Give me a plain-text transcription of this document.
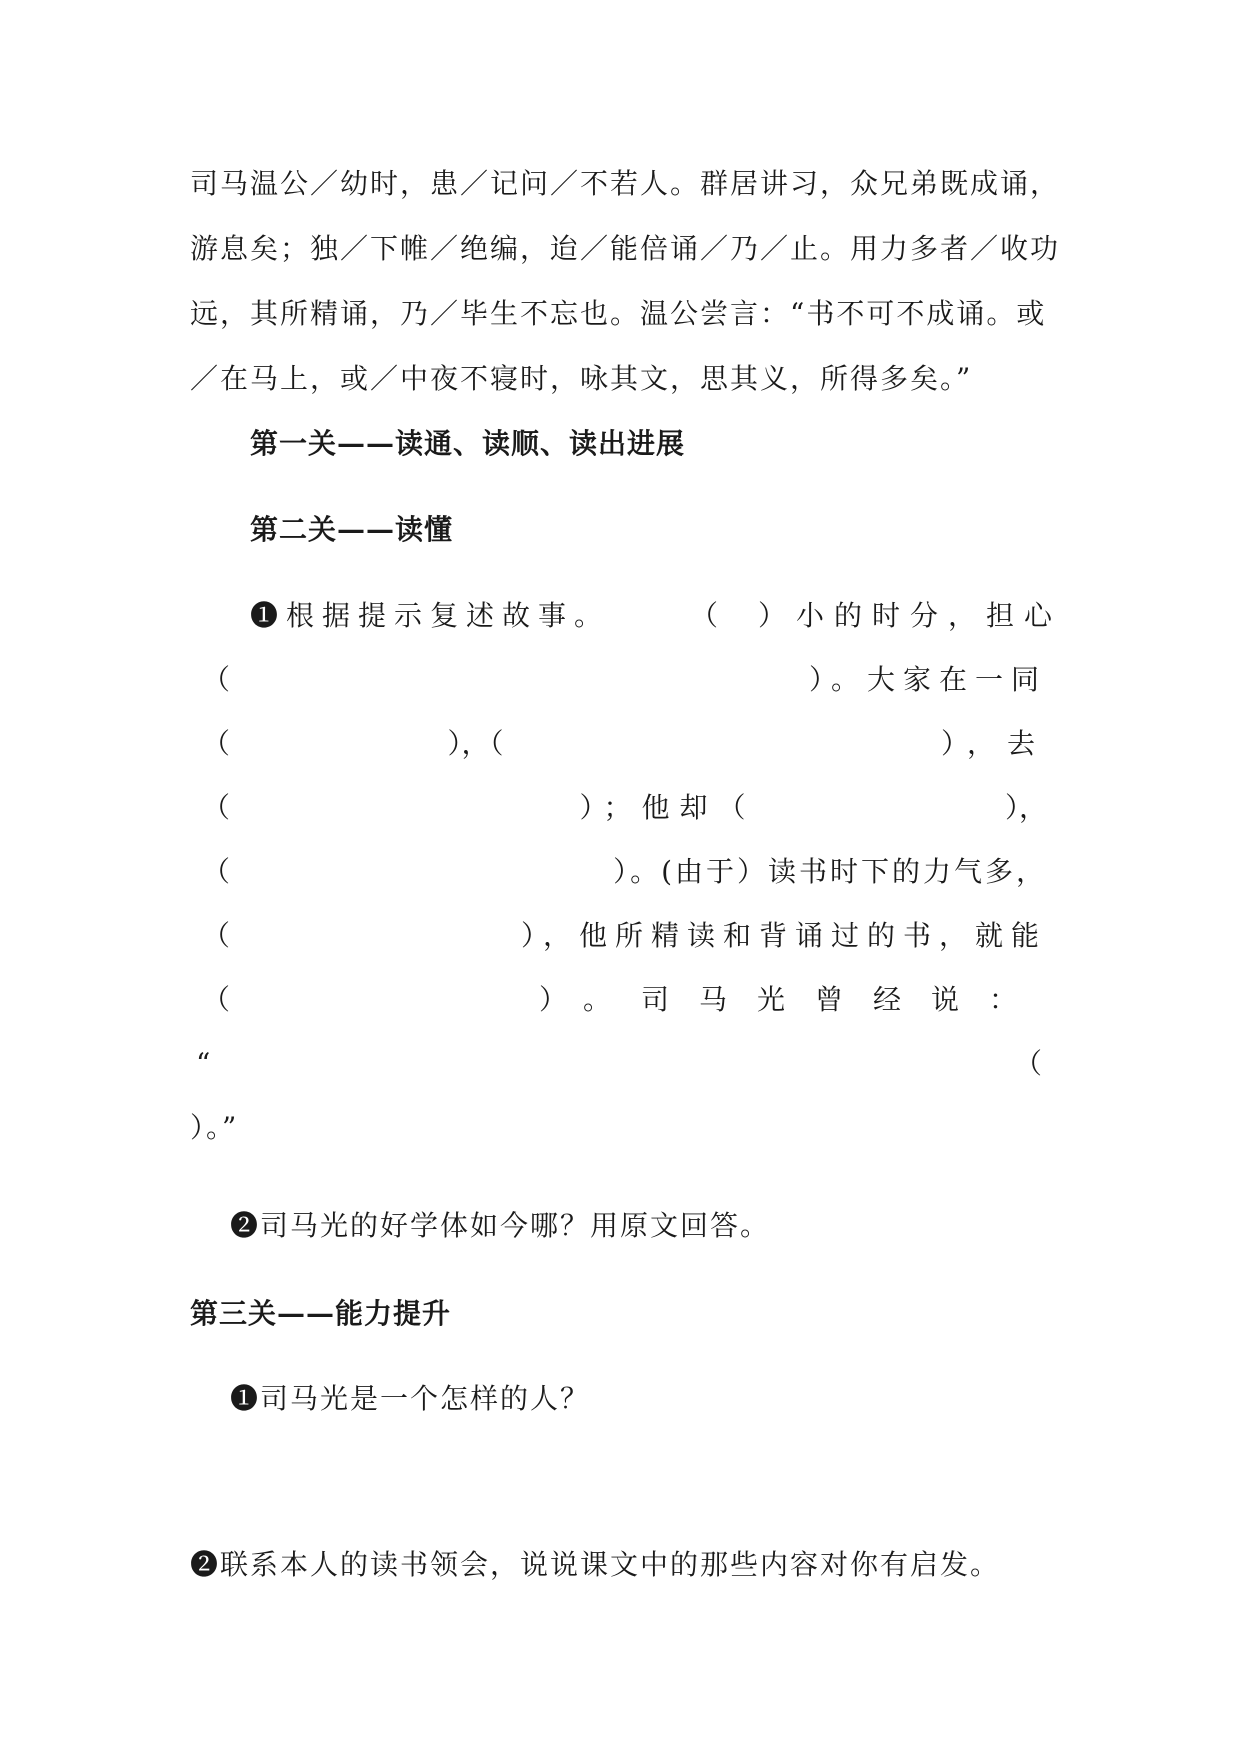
司马温公／幼时，患／记问／不若人。群居讲习，众兄弟既成诵，
游息矣；独／下帷／绝编，迨／能倍诵／乃／止。用力多者／收功
远，其所精诵，乃／毕生不忘也。温公尝言：“书不可不成诵。或
／在马上，或／中夜不寝时，咏其文，思其义，所得多矣。”
第一关——读通、读顺、读出进展
第二关——读懂
❶根据提示复述故事。	（ ）小的时分，担心
（	）。大家在一同
（	），（	），去
（	）；他却（	），
（	）。(由于）读书时下的力气多，
（	），他所精读和背诵过的书，就能
（	）。司马光曾经说：
“	（
）。”
❷司马光的好学体如今哪？用原文回答。
第三关——能力提升
❶司马光是一个怎样的人？
❷联系本人的读书领会，说说课文中的那些内容对你有启发。
